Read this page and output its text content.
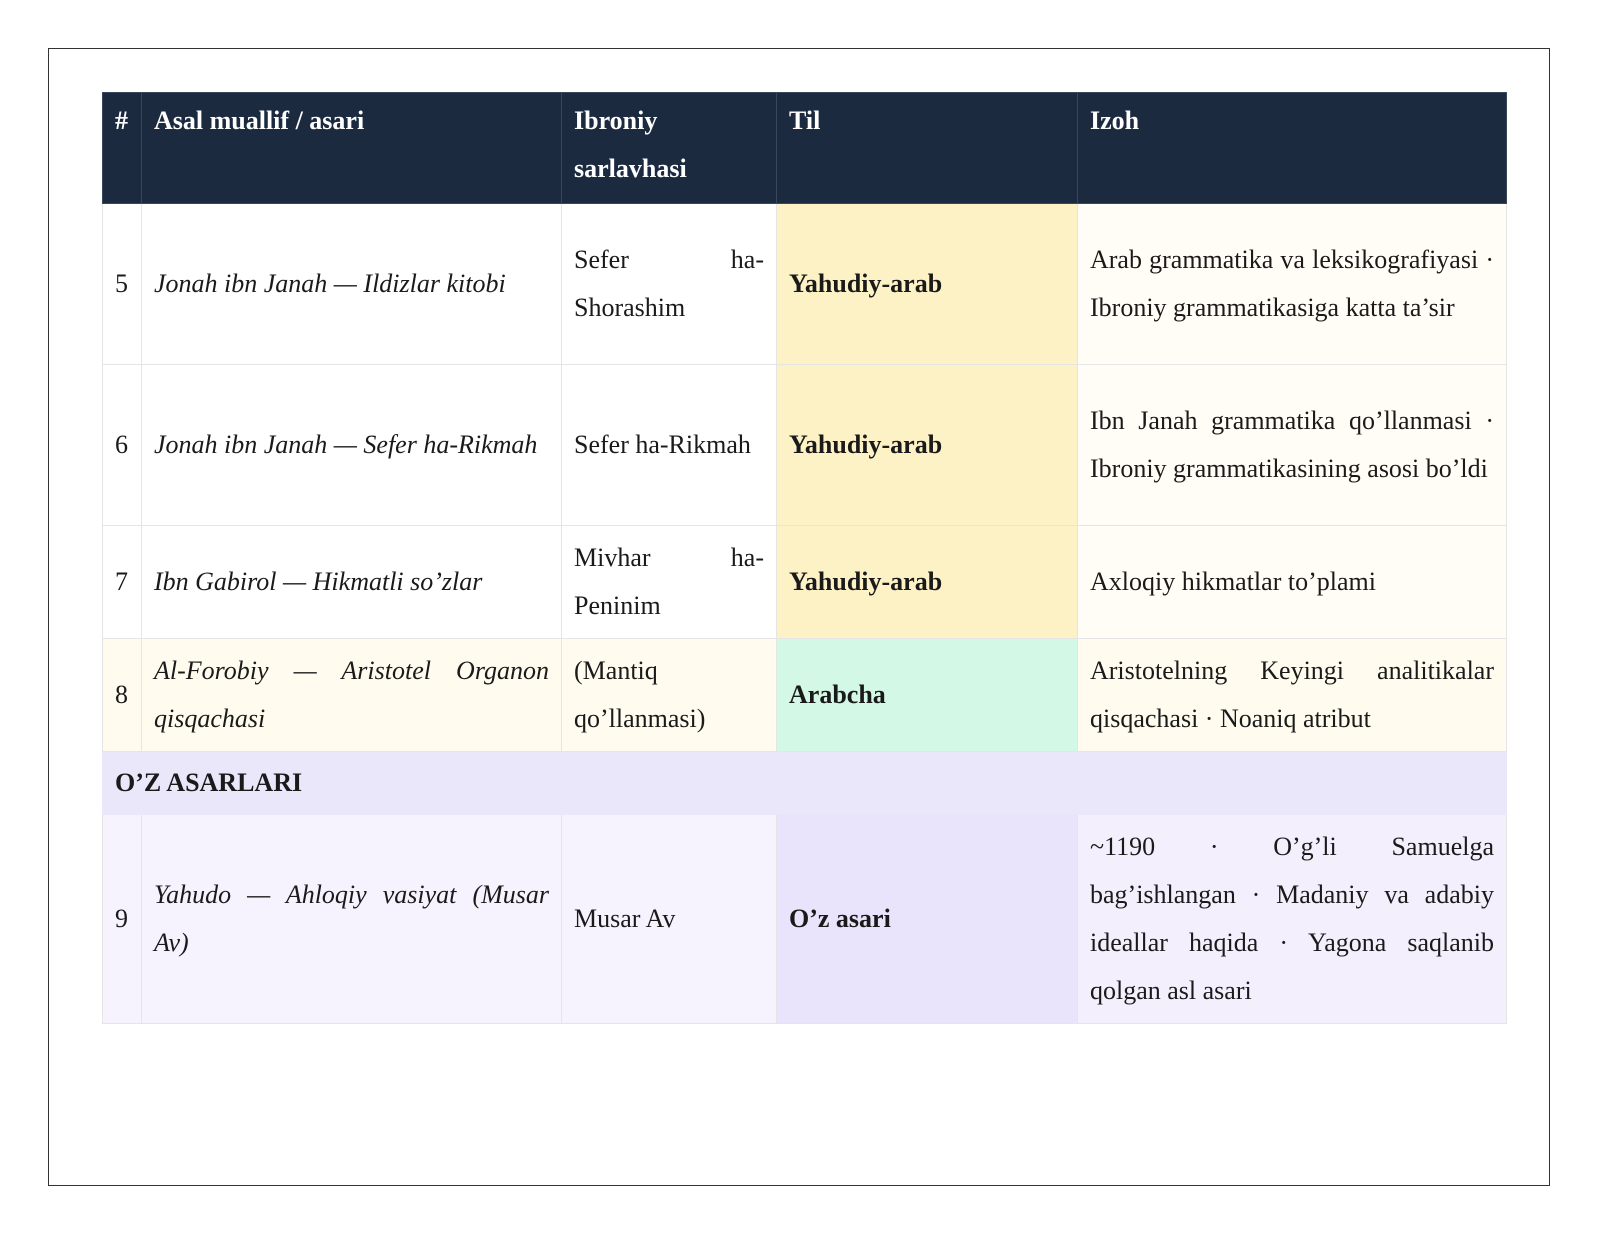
#	Asal muallif / asari	Ibroniy sarlavhasi	Til	Izoh
5	Jonah ibn Janah — Ildizlar kitobi	Sefer ha-Shorashim	Yahudiy-arab	Arab grammatika va leksikografiyasi · Ibroniy grammatikasiga katta ta’sir
6	Jonah ibn Janah — Sefer ha-Rikmah	Sefer ha-Rikmah	Yahudiy-arab	Ibn Janah grammatika qo’llanmasi · Ibroniy grammatikasining asosi bo’ldi
7	Ibn Gabirol — Hikmatli so’zlar	Mivhar ha-Peninim	Yahudiy-arab	Axloqiy hikmatlar to’plami
8	Al-Forobiy — Aristotel Organon qisqachasi	(Mantiq qo’llanmasi)	Arabcha	Aristotelning Keyingi analitikalar qisqachasi · Noaniq atribut
O’Z ASARLARI				
9	Yahudo — Ahloqiy vasiyat (Musar Av)	Musar Av	O’z asari	~1190 · O’g’li Samuelga bag’ishlangan · Madaniy va adabiy ideallar haqida · Yagona saqlanib qolgan asl asari
